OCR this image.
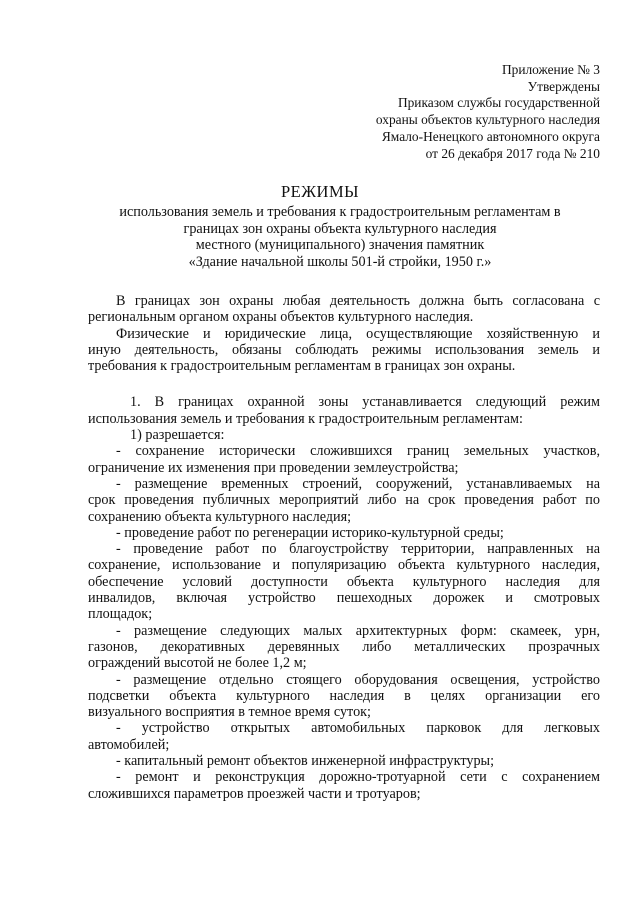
Приложение № 3
Утверждены
Приказом службы государственной
охраны объектов культурного наследия
Ямало-Ненецкого автономного округа
от 26 декабря 2017 года № 210
РЕЖИМЫ
использования земель и требования к градостроительным регламентам в
границах зон охраны объекта культурного наследия
местного (муниципального) значения памятник
«Здание начальной школы 501-й стройки, 1950 г.»
В границах зон охраны любая деятельность должна быть согласована с
региональным органом охраны объектов культурного наследия.
Физические и юридические лица, осуществляющие хозяйственную и
иную деятельность, обязаны соблюдать режимы использования земель и
требования к градостроительным регламентам в границах зон охраны.
1. В границах охранной зоны устанавливается следующий режим
использования земель и требования к градостроительным регламентам:
1) разрешается:
- сохранение исторически сложившихся границ земельных участков,
ограничение их изменения при проведении землеустройства;
- размещение временных строений, сооружений, устанавливаемых на
срок проведения публичных мероприятий либо на срок проведения работ по
сохранению объекта культурного наследия;
- проведение работ по регенерации историко-культурной среды;
- проведение работ по благоустройству территории, направленных на
сохранение, использование и популяризацию объекта культурного наследия,
обеспечение условий доступности объекта культурного наследия для
инвалидов, включая устройство пешеходных дорожек и смотровых
площадок;
- размещение следующих малых архитектурных форм: скамеек, урн,
газонов, декоративных деревянных либо металлических прозрачных
ограждений высотой не более 1,2 м;
- размещение отдельно стоящего оборудования освещения, устройство
подсветки объекта культурного наследия в целях организации его
визуального восприятия в темное время суток;
- устройство открытых автомобильных парковок для легковых
автомобилей;
- капитальный ремонт объектов инженерной инфраструктуры;
- ремонт и реконструкция дорожно-тротуарной сети с сохранением
сложившихся параметров проезжей части и тротуаров;
